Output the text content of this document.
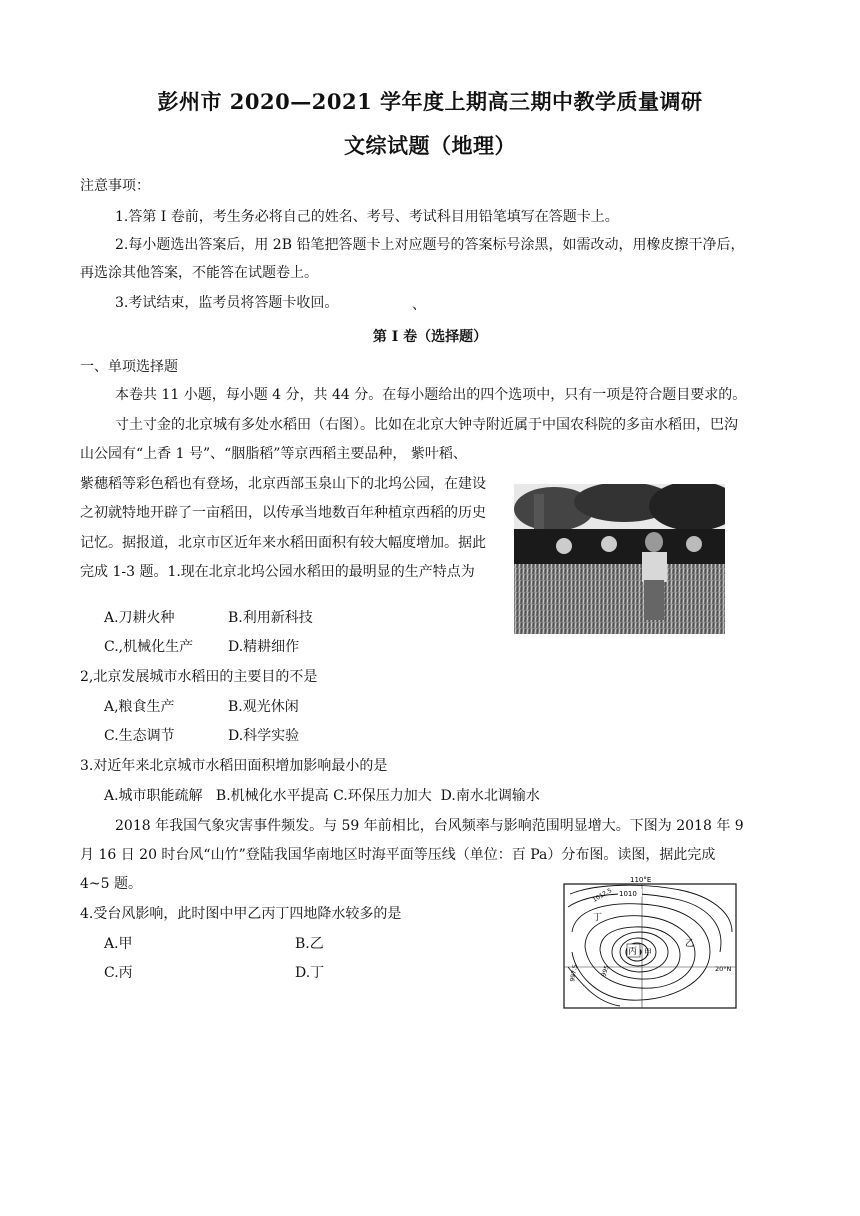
彭州市 2020—2021 学年度上期高三期中教学质量调研
文综试题（地理）
注意事项：
1.答第 I 卷前，考生务必将自己的姓名、考号、考试科目用铅笔填写在答题卡上。
2.每小题选出答案后，用 2B 铅笔把答题卡上对应题号的答案标号涂黑，如需改动，用橡皮擦干净后，
再选涂其他答案，不能答在试题卷上。
3.考试结束，监考员将答题卡收回。	、
第 I 卷（选择题）
一、单项选择题
本卷共 11 小题，每小题 4 分，共 44 分。在每小题给出的四个选项中，只有一项是符合题目要求的。
寸土寸金的北京城有多处水稻田（右图）。比如在北京大钟寺附近属于中国农科院的多亩水稻田，巴沟
山公园有“上香 1 号”、“胭脂稻”等京西稻主要品种， 紫叶稻、
紫穗稻等彩色稻也有登场，北京西部玉泉山下的北坞公园，在建设
之初就特地开辟了一亩稻田，以传承当地数百年种植京西稻的历史
记忆。据报道，北京市区近年来水稻田面积有较大幅度增加。据此
完成 1-3 题。1.现在北京北坞公园水稻田的最明显的生产特点为
A.刀耕火种	B.利用新科技
C.,机械化生产 D.精耕细作
2,北京发展城市水稻田的主要目的不是
A,粮食生产	B.观光休闲
C.生态调节	D.科学实验
3.对近年来北京城市水稻田面积增加影响最小的是
A.城市职能疏解   B.机械化水平提高 C.环保压力加大  D.南水北调输水
2018 年我国气象灾害事件频发。与 59 年前相比，台风频率与影响范围明显增大。下图为 2018 年 9
月 16 日 20 时台风“山竹”登陆我国华南地区时海平面等压线（单位：百 Pa）分布图。读图，据此完成
4~5 题。
4.受台风影响，此时图中甲乙丙丁四地降水较多的是
A.甲	B.乙
C.丙	D.丁
110°E
20°N
1010
1012.5
997.5	995
丁
乙
丙 甲
